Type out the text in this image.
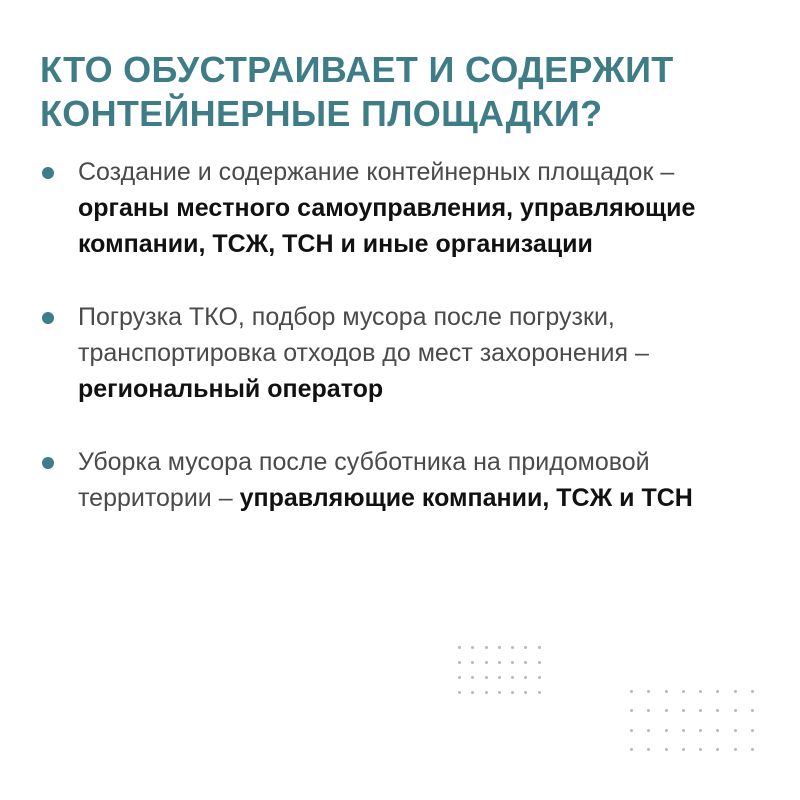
КТО ОБУСТРАИВАЕТ И СОДЕРЖИТ
КОНТЕЙНЕРНЫЕ ПЛОЩАДКИ?
Создание и содержание контейнерных площадок –
органы местного самоуправления, управляющие
компании, ТСЖ, ТСН и иные организации
Погрузка ТКО, подбор мусора после погрузки,
транспортировка отходов до мест захоронения –
региональный оператор
Уборка мусора после субботника на придомовой
территории – управляющие компании, ТСЖ и ТСН
